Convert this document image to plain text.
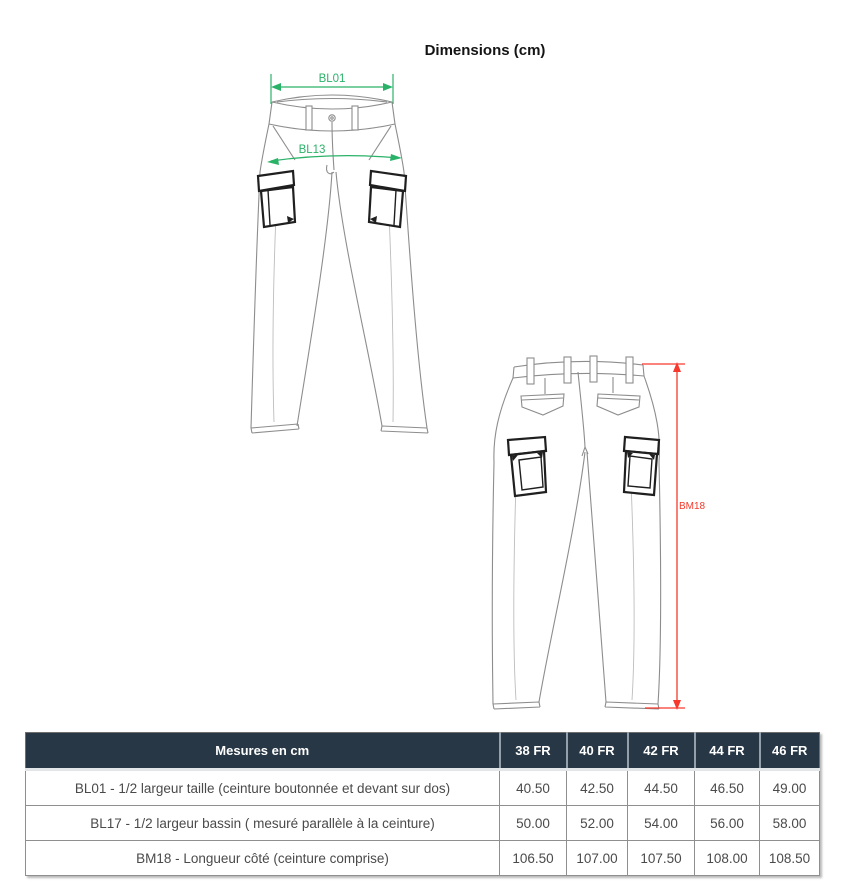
Dimensions (cm)
BL01
BL13
BM18
Mesures en cm	38 FR	40 FR	42 FR	44 FR	46 FR
BL01 - 1/2 largeur taille (ceinture boutonnée et devant sur dos)	40.50	42.50	44.50	46.50	49.00
BL17 - 1/2 largeur bassin ( mesuré parallèle à la ceinture)	50.00	52.00	54.00	56.00	58.00
BM18 - Longueur côté (ceinture comprise)	106.50	107.00	107.50	108.00	108.50
